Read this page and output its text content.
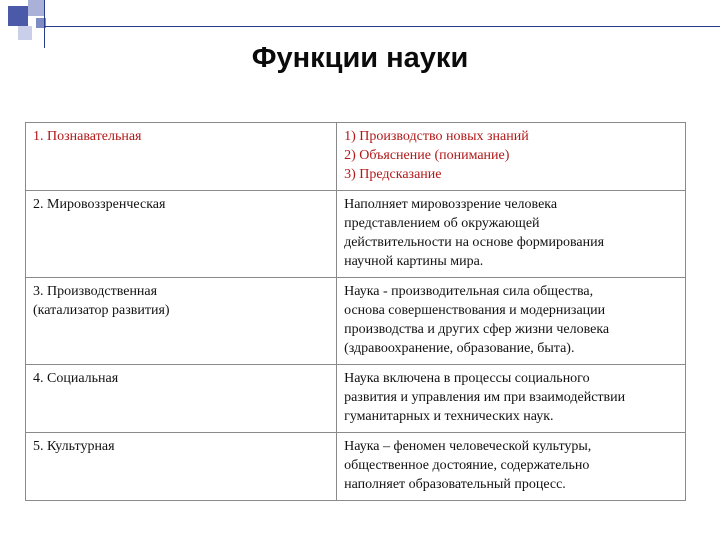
Функции науки
1. Познавательная	1) Производство новых знаний
2) Объяснение (понимание)
3) Предсказание

2. Мировоззренческая	Наполняет мировоззрение человека
представлением об окружающей
действительности на основе формирования
научной картины мира.

3. Производственная
(катализатор развития)	Наука - производительная сила общества,
основа совершенствования и модернизации
производства и других сфер жизни человека
(здравоохранение, образование, быта).

4. Социальная	Наука включена в процессы социального
развития и управления им при взаимодействии
гуманитарных и технических наук.

5. Культурная	Наука – феномен человеческой культуры,
общественное достояние, содержательно
наполняет образовательный процесс.
